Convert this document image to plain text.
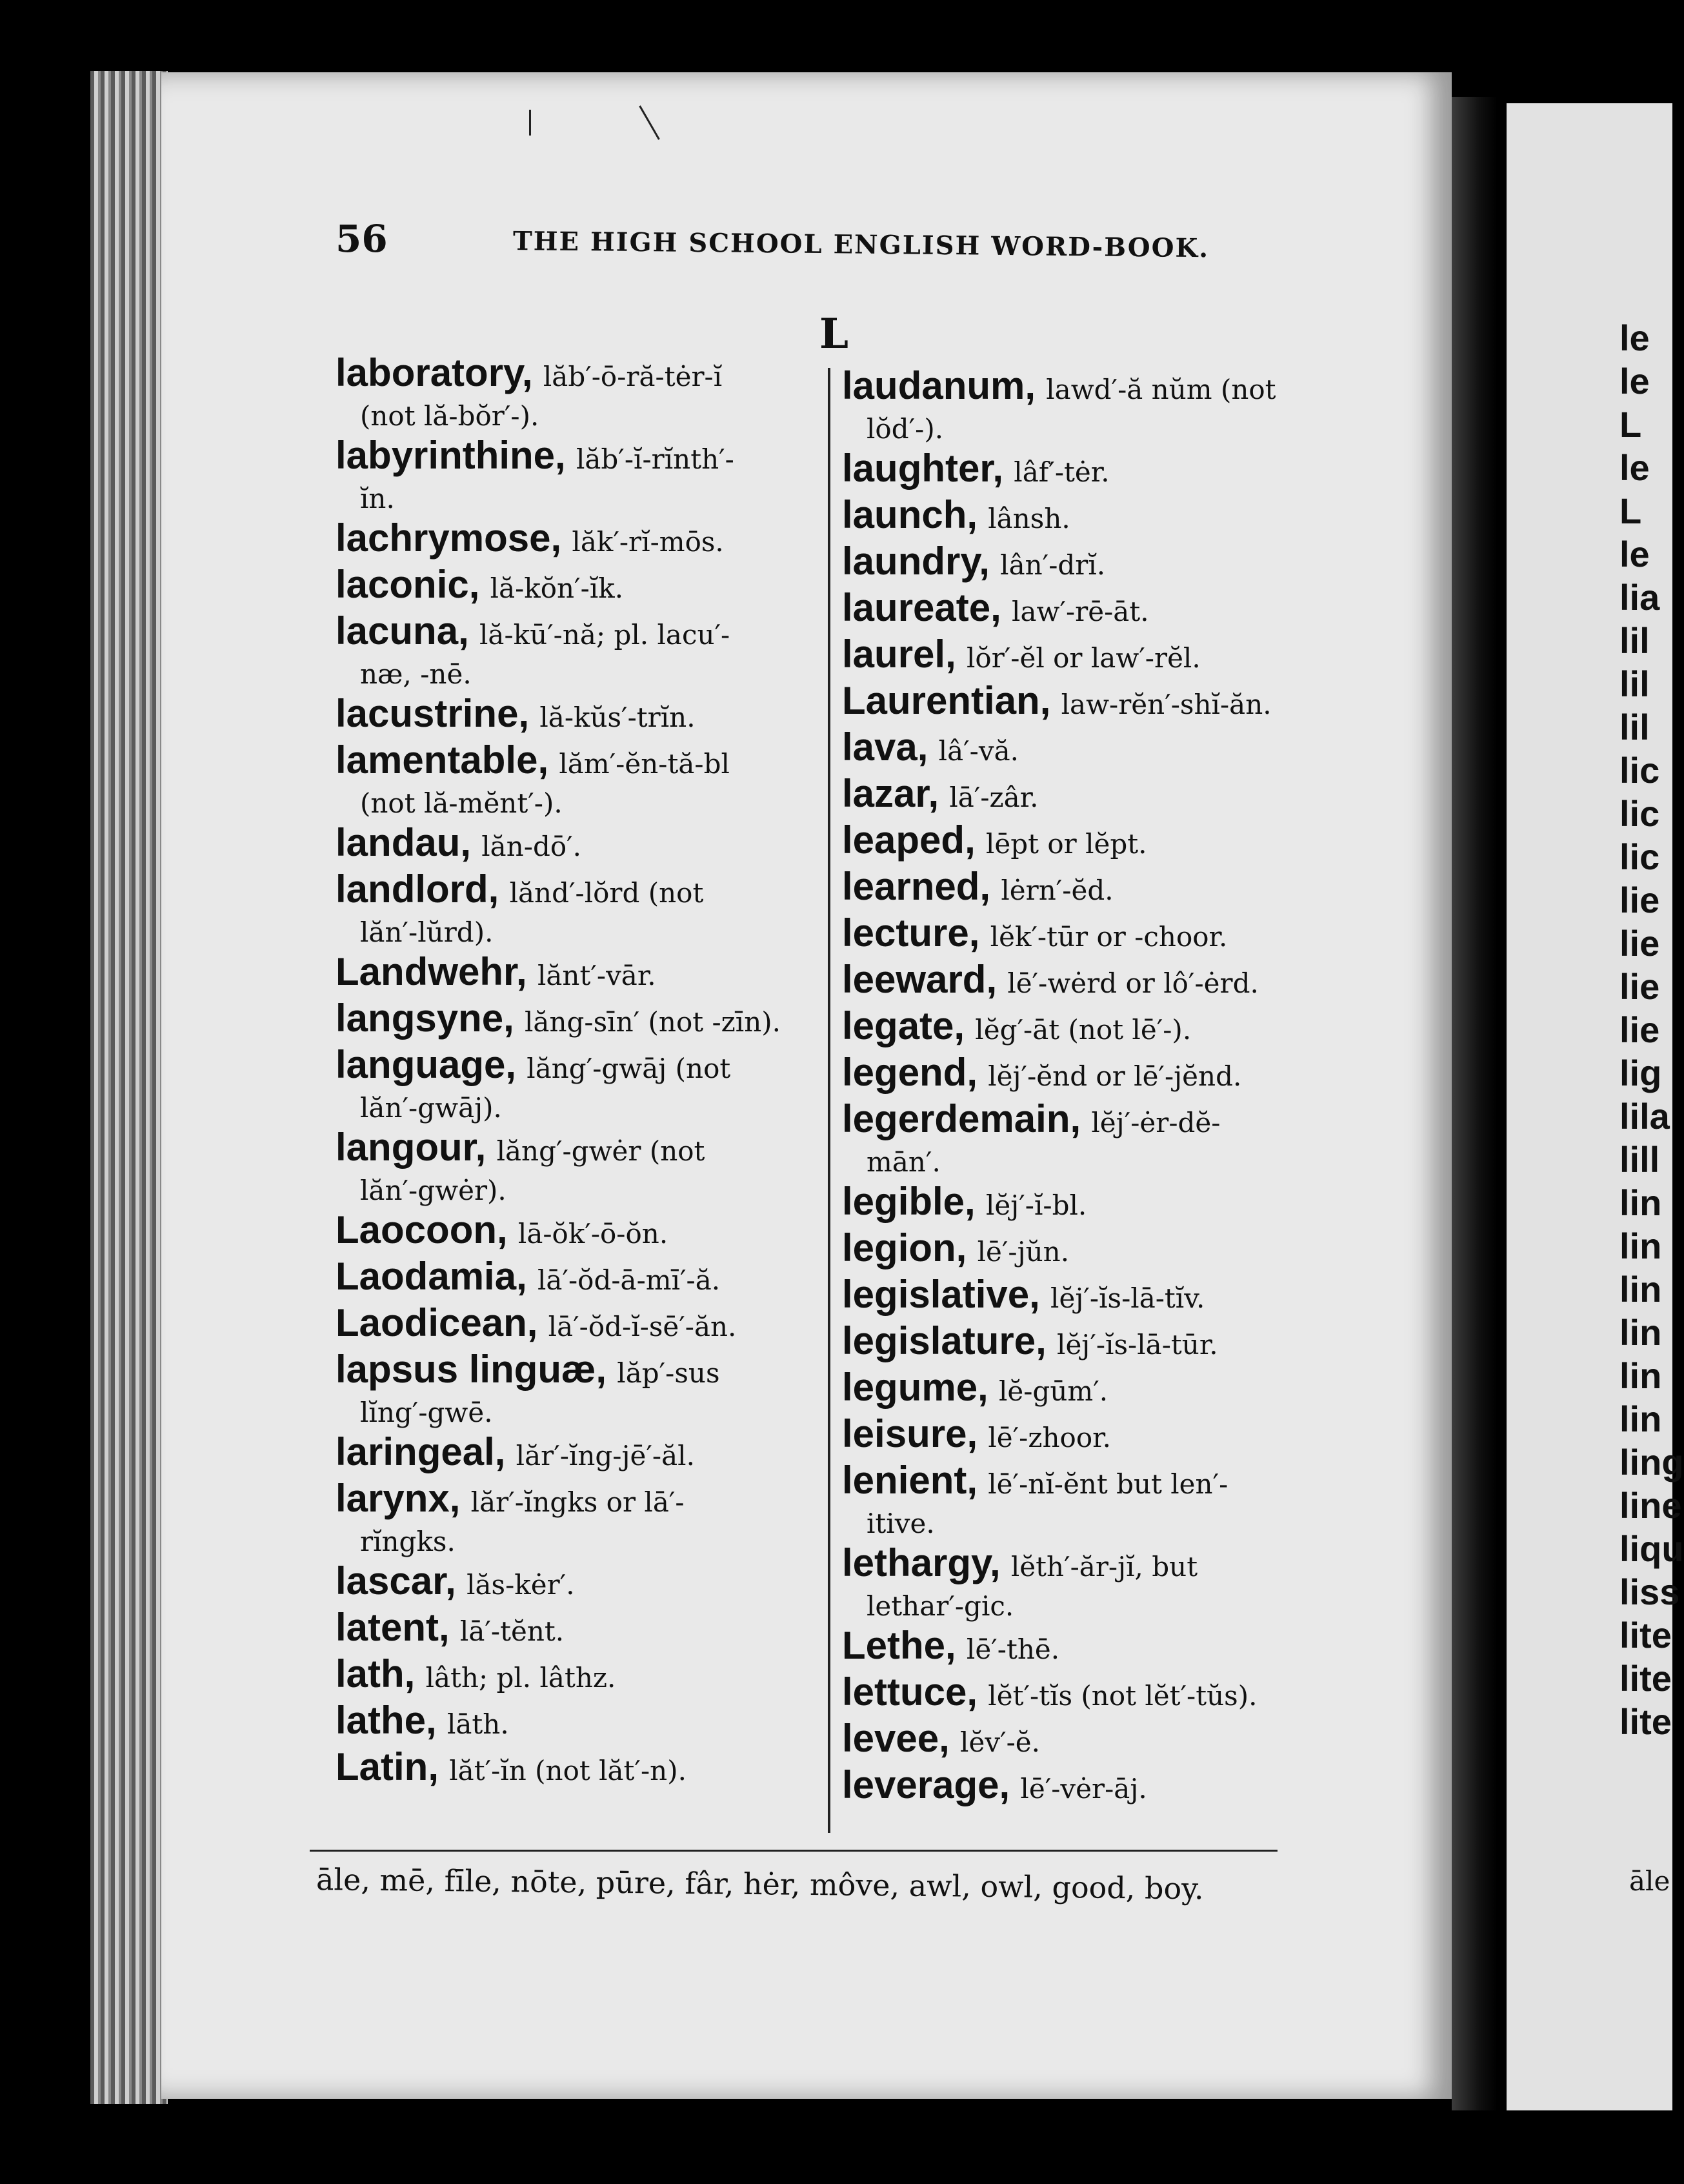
56	THE HIGH SCHOOL ENGLISH WORD-BOOK.
L

laboratory, lăb′-ō-ră-tėr-ĭ
(not lă-bŏr′-).

labyrinthine, lăb′-ĭ-rĭnth′-
ĭn.

lachrymose, lăk′-rĭ-mōs.

laconic, lă-kŏn′-ĭk.

lacuna, lă-kū′-nă; pl. lacu′-
næ, -nē.

lacustrine, lă-kŭs′-trĭn.

lamentable, lăm′-ĕn-tă-bl
(not lă-mĕnt′-).

landau, lăn-dō′.

landlord, lănd′-lŏrd (not
lăn′-lŭrd).

Landwehr, lănt′-vār.

langsyne, lăng-sīn′ (not -zīn).

language, lăng′-gwāj (not
lăn′-gwāj).

langour, lăng′-gwėr (not
lăn′-gwėr).

Laocoon, lā-ŏk′-ō-ŏn.

Laodamia, lā′-ŏd-ā-mī′-ă.

Laodicean, lā′-ŏd-ĭ-sē′-ăn.

lapsus linguæ, lăp′-sus
lĭng′-gwē.

laringeal, lăr′-ĭng-jē′-ăl.

larynx, lăr′-ĭngks or lā′-
rĭngks.

lascar, lăs-kėr′.

latent, lā′-tĕnt.

lath, lâth; pl. lâthz.

lathe, lāth.

Latin, lăt′-ĭn (not lăt′-n).

laudanum, lawd′-ă nŭm (not
lŏd′-).

laughter, lâf′-tėr.

launch, lânsh.

laundry, lân′-drĭ.

laureate, law′-rē-āt.

laurel, lŏr′-ĕl or law′-rĕl.

Laurentian, law-rĕn′-shĭ-ăn.

lava, lâ′-vă.

lazar, lā′-zâr.

leaped, lēpt or lĕpt.

learned, lėrn′-ĕd.

lecture, lĕk′-tūr or -choor.

leeward, lē′-wėrd or lô′-ėrd.

legate, lĕg′-āt (not lē′-).

legend, lĕj′-ĕnd or lē′-jĕnd.

legerdemain, lĕj′-ėr-dĕ-
mān′.

legible, lĕj′-ĭ-bl.

legion, lē′-jŭn.

legislative, lĕj′-ĭs-lā-tĭv.

legislature, lĕj′-ĭs-lā-tūr.

legume, lĕ-gūm′.

leisure, lē′-zhoor.

lenient, lē′-nĭ-ĕnt but len′-
itive.

lethargy, lĕth′-ăr-jĭ, but
lethar′-gic.

Lethe, lē′-thē.

lettuce, lĕt′-tĭs (not lĕt′-tŭs).

levee, lĕv′-ĕ.

leverage, lē′-vėr-āj.

āle, mē, fīle, nōte, pūre, fâr, hėr, môve, awl, owl, good, boy.

le

le

L

le

L

le

lia

lil

lil

lil

lic

lic

lic

lie

lie

lie

lie

lig

lila

lill

lin

lin

lin

lin

lin

lin

ling

line

liqu

liss

lite

lite

lite

āle
